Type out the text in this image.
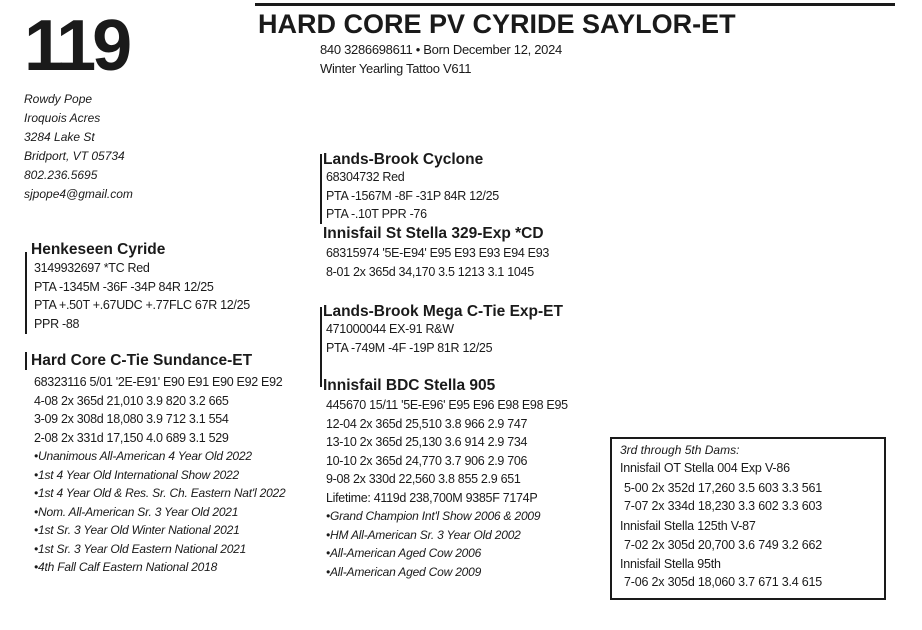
119	HARD CORE PV CYRIDE SAYLOR-ET
840 3286698611 • Born December 12, 2024
Winter Yearling Tattoo V611
Rowdy Pope
Iroquois Acres
3284 Lake St
Bridport, VT 05734
802.236.5695
sjpope4@gmail.com
Henkeseen Cyride
3149932697 *TC Red
PTA -1345M -36F -34P 84R 12/25
PTA +.50T +.67UDC +.77FLC 67R 12/25
PPR -88
Hard Core C-Tie Sundance-ET
68323116 5/01 '2E-E91' E90 E91 E90 E92 E92
4-08 2x 365d 21,010 3.9 820 3.2 665
3-09 2x 308d 18,080 3.9 712 3.1 554
2-08 2x 331d 17,150 4.0 689 3.1 529
•Unanimous All-American 4 Year Old 2022
•1st 4 Year Old International Show 2022
•1st 4 Year Old & Res. Sr. Ch. Eastern Nat'l 2022
•Nom. All-American Sr. 3 Year Old 2021
•1st Sr. 3 Year Old Winter National 2021
•1st Sr. 3 Year Old Eastern National 2021
•4th Fall Calf Eastern National 2018
Lands-Brook Cyclone
68304732 Red
PTA -1567M -8F -31P 84R 12/25
PTA -.10T PPR -76
Innisfail St Stella 329-Exp *CD
68315974 '5E-E94' E95 E93 E93 E94 E93
8-01 2x 365d 34,170 3.5 1213 3.1 1045
Lands-Brook Mega C-Tie Exp-ET
471000044 EX-91 R&W
PTA -749M -4F -19P 81R 12/25
Innisfail BDC Stella 905
445670 15/11 '5E-E96' E95 E96 E98 E98 E95
12-04 2x 365d 25,510 3.8 966 2.9 747
13-10 2x 365d 25,130 3.6 914 2.9 734
10-10 2x 365d 24,770 3.7 906 2.9 706
9-08 2x 330d 22,560 3.8 855 2.9 651
Lifetime: 4119d 238,700M 9385F 7174P
•Grand Champion Int'l Show 2006 & 2009
•HM All-American Sr. 3 Year Old 2002
•All-American Aged Cow 2006
•All-American Aged Cow 2009
3rd through 5th Dams:
Innisfail OT Stella 004 Exp V-86
5-00 2x 352d 17,260 3.5 603 3.3 561
7-07 2x 334d 18,230 3.3 602 3.3 603
Innisfail Stella 125th V-87
7-02 2x 305d 20,700 3.6 749 3.2 662
Innisfail Stella 95th
7-06 2x 305d 18,060 3.7 671 3.4 615
